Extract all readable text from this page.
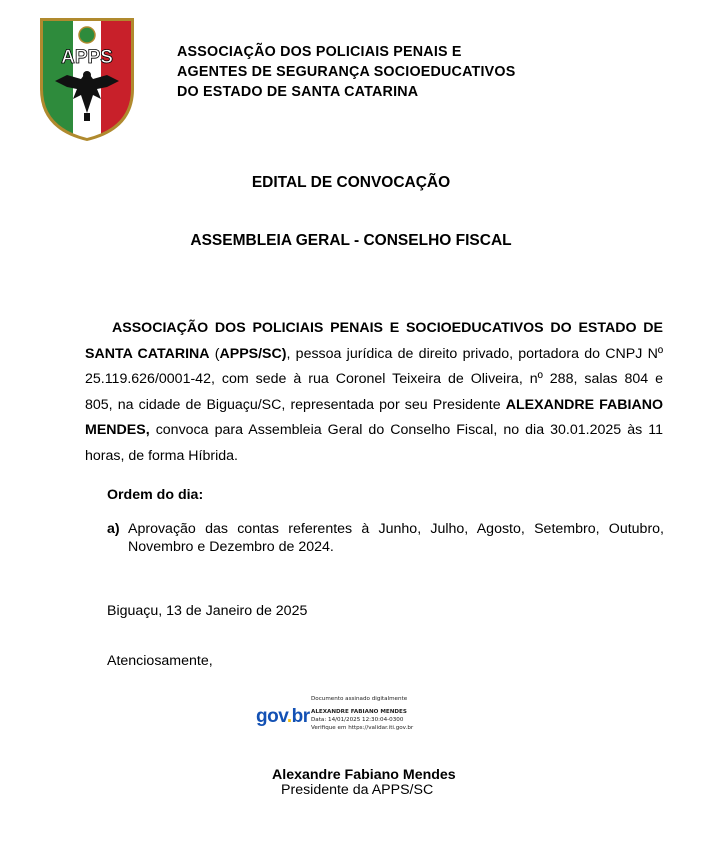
APPS	ASSOCIAÇÃO DOS POLICIAIS PENAIS E
AGENTES DE SEGURANÇA SOCIOEDUCATIVOS
DO ESTADO DE SANTA CATARINA
EDITAL DE CONVOCAÇÃO
ASSEMBLEIA GERAL - CONSELHO FISCAL
ASSOCIAÇÃO DOS POLICIAIS PENAIS E SOCIOEDUCATIVOS DO ESTADO DE
SANTA CATARINA (APPS/SC), pessoa jurídica de direito privado, portadora do CNPJ Nº
25.119.626/0001-42, com sede à rua Coronel Teixeira de Oliveira, nº 288, salas 804 e
805, na cidade de Biguaçu/SC, representada por seu Presidente ALEXANDRE FABIANO
MENDES, convoca para Assembleia Geral do Conselho Fiscal, no dia 30.01.2025 às 11
horas, de forma Híbrida.
Ordem do dia:
a) Aprovação das contas referentes à Junho, Julho, Agosto, Setembro, Outubro,
Novembro e Dezembro de 2024.
Biguaçu, 13 de Janeiro de 2025
Atenciosamente,
gov.br
Documento assinado digitalmente
ALEXANDRE FABIANO MENDES
Data: 14/01/2025 12:30:04-0300
Verifique em https://validar.iti.gov.br
Alexandre Fabiano Mendes
Presidente da APPS/SC
